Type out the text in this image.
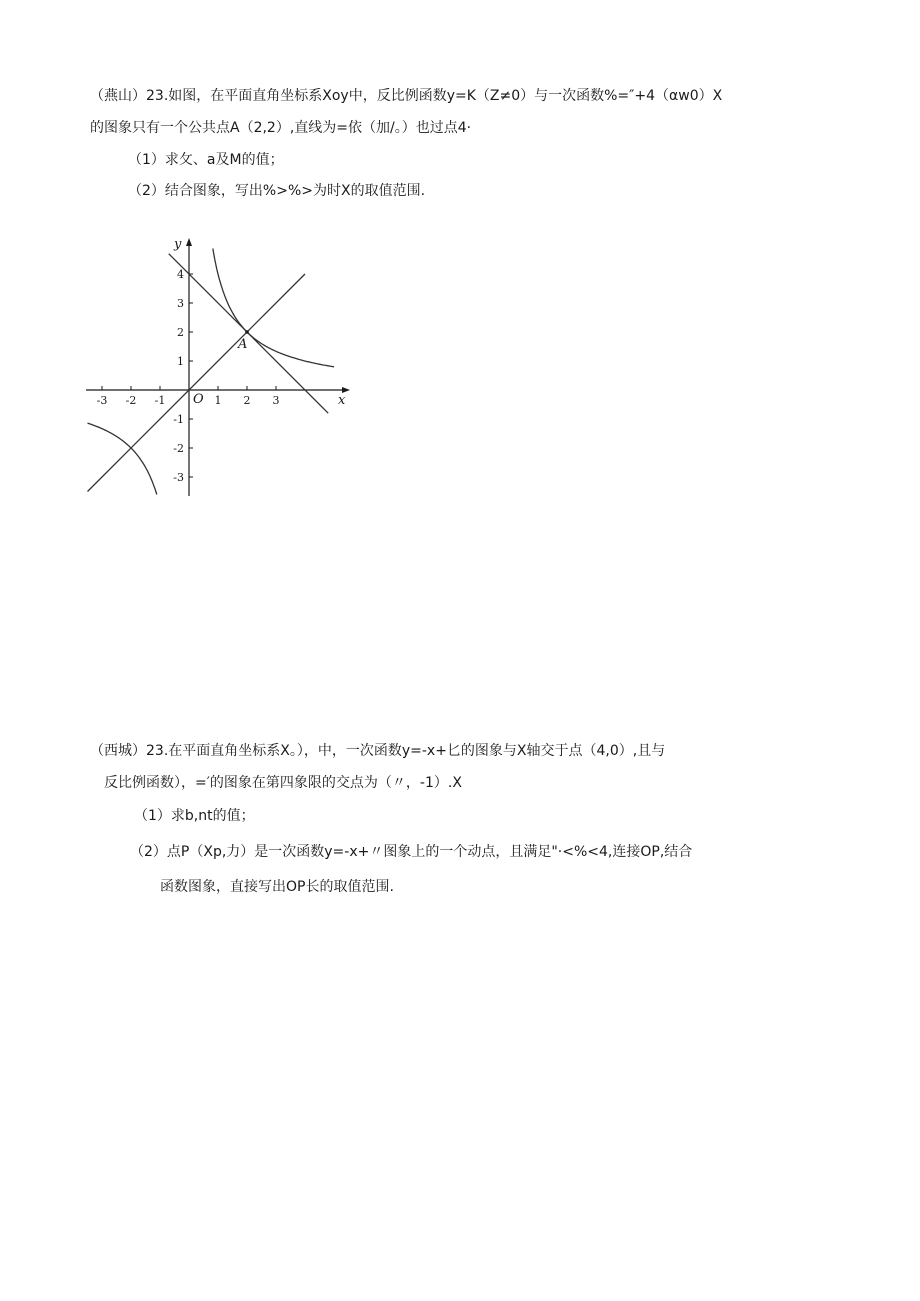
（燕山）23.如图，在平面直角坐标系Xoy中，反比例函数y=K（Z≠0）与一次函数%=″+4（αw0）X
的图象只有一个公共点A（2,2）,直线为=依（加/。）也过点4·
（1）求攵、a及M的值；
（2）结合图象，写出%>%>为时X的取值范围.
-3 -2 -1	1 2 3
4
3
2
1
-1
-2
-3
x
y
O
A
（西城）23.在平面直角坐标系X。），中，一次函数y=-x+匕的图象与X轴交于点（4,0）,且与
反比例函数），=′的图象在第四象限的交点为（〃，-1）.X
（1）求b,nt的值；
（2）点P（Xp,力）是一次函数y=-x+〃图象上的一个动点，且满足"·<%<4,连接OP,结合
函数图象，直接写出OP长的取值范围.
